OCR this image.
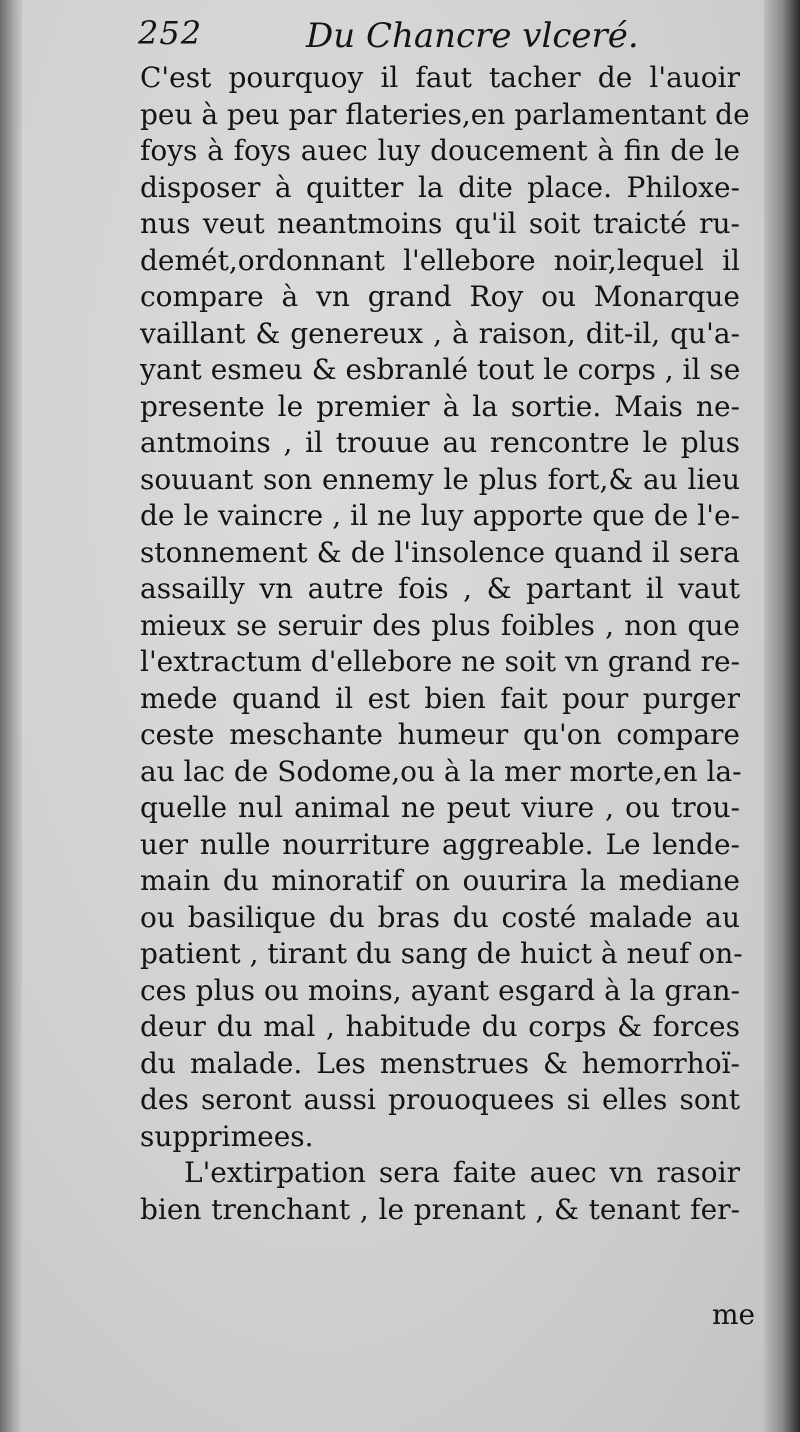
252	Du Chancre vlceré.
C'est pourquoy il faut tacher de l'auoir
peu à peu par flateries,en parlamentant de
foys à foys auec luy doucement à fin de le
disposer à quitter la dite place. Philoxe-
nus veut neantmoins qu'il soit traicté ru-
demét,ordonnant l'ellebore noir,lequel il
compare à vn grand Roy ou Monarque
vaillant & genereux , à raison, dit-il, qu'a-
yant esmeu & esbranlé tout le corps , il se
presente le premier à la sortie. Mais ne-
antmoins , il trouue au rencontre le plus
souuant son ennemy le plus fort,& au lieu
de le vaincre , il ne luy apporte que de l'e-
stonnement & de l'insolence quand il sera
assailly vn autre fois , & partant il vaut
mieux se seruir des plus foibles , non que
l'extractum d'ellebore ne soit vn grand re-
mede quand il est bien fait pour purger
ceste meschante humeur qu'on compare
au lac de Sodome,ou à la mer morte,en la-
quelle nul animal ne peut viure , ou trou-
uer nulle nourriture aggreable. Le lende-
main du minoratif on ouurira la mediane
ou basilique du bras du costé malade au
patient , tirant du sang de huict à neuf on-
ces plus ou moins, ayant esgard à la gran-
deur du mal , habitude du corps & forces
du malade. Les menstrues & hemorrhoï-
des seront aussi prouoquees si elles sont
supprimees.
L'extirpation sera faite auec vn rasoir
bien trenchant , le prenant , & tenant fer-
me
